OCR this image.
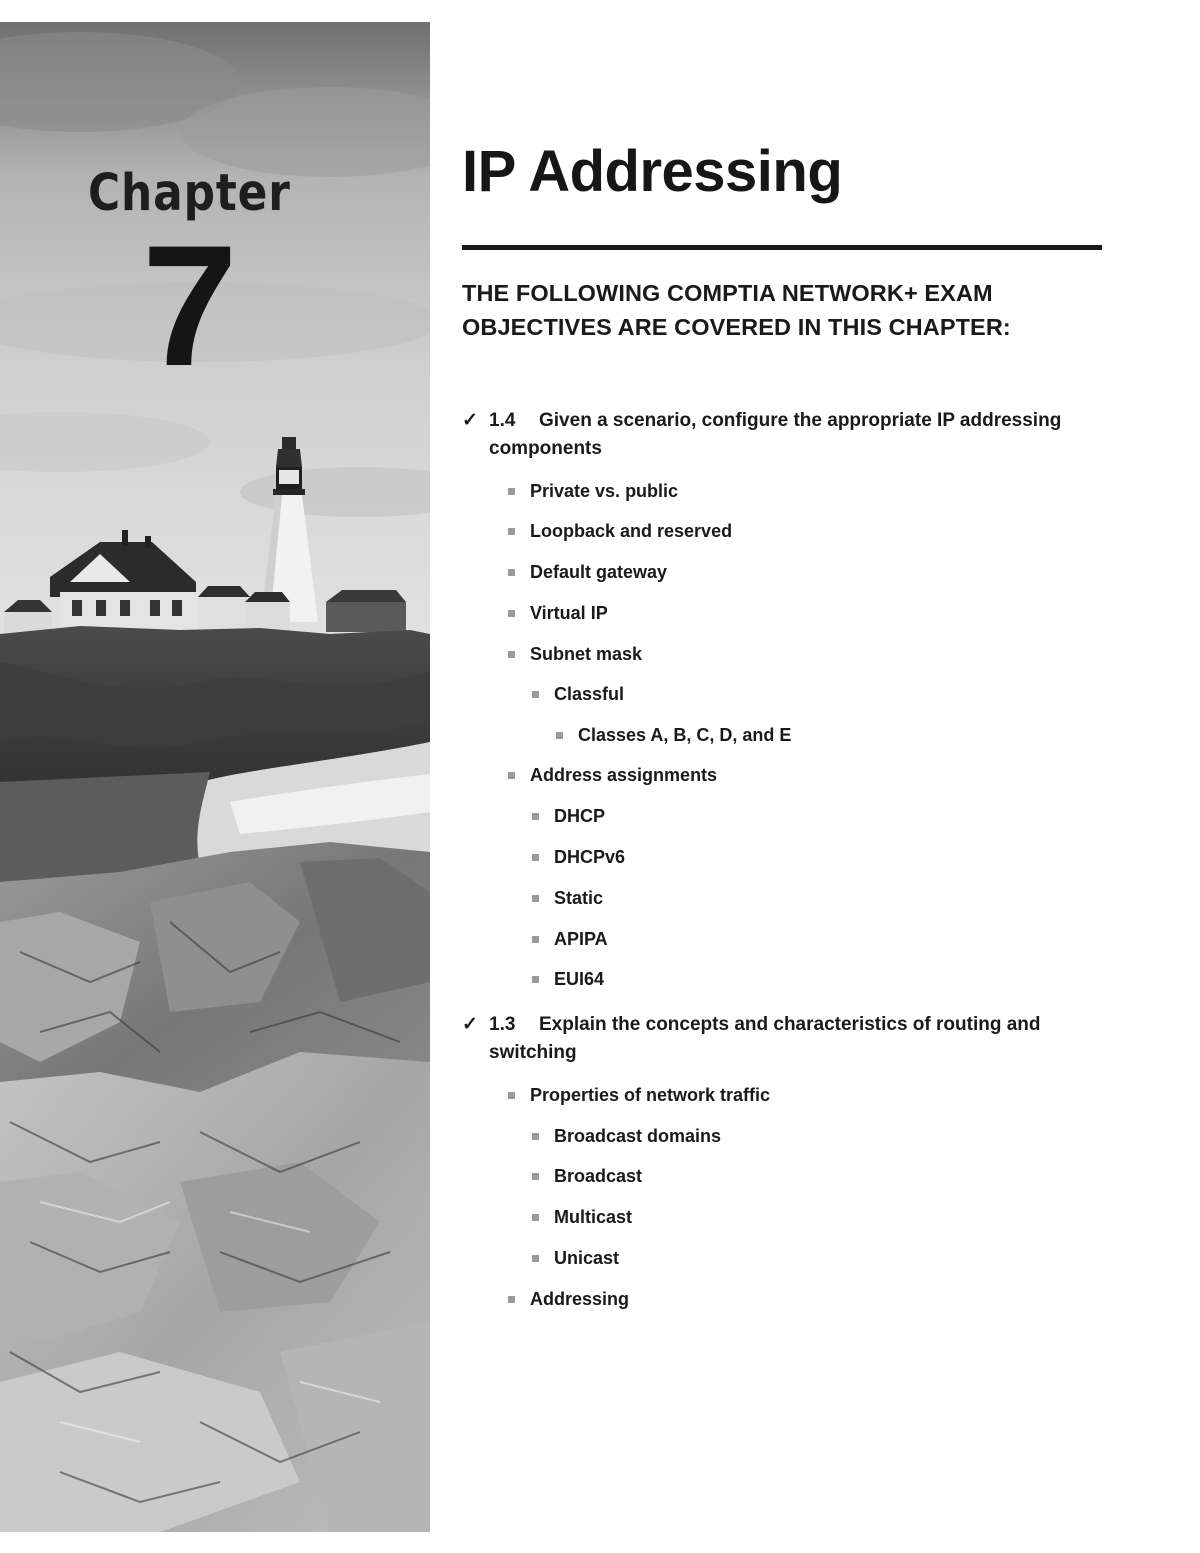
Chapter
7
IP Addressing
THE FOLLOWING COMPTIA NETWORK+ EXAM OBJECTIVES ARE COVERED IN THIS CHAPTER:
✓ 1.4	Given a scenario, configure the appropriate IP addressing components
Private vs. public
Loopback and reserved
Default gateway
Virtual IP
Subnet mask
Classful
Classes A, B, C, D, and E
Address assignments
DHCP
DHCPv6
Static
APIPA
EUI64
✓ 1.3	Explain the concepts and characteristics of routing and switching
Properties of network traffic
Broadcast domains
Broadcast
Multicast
Unicast
Addressing
